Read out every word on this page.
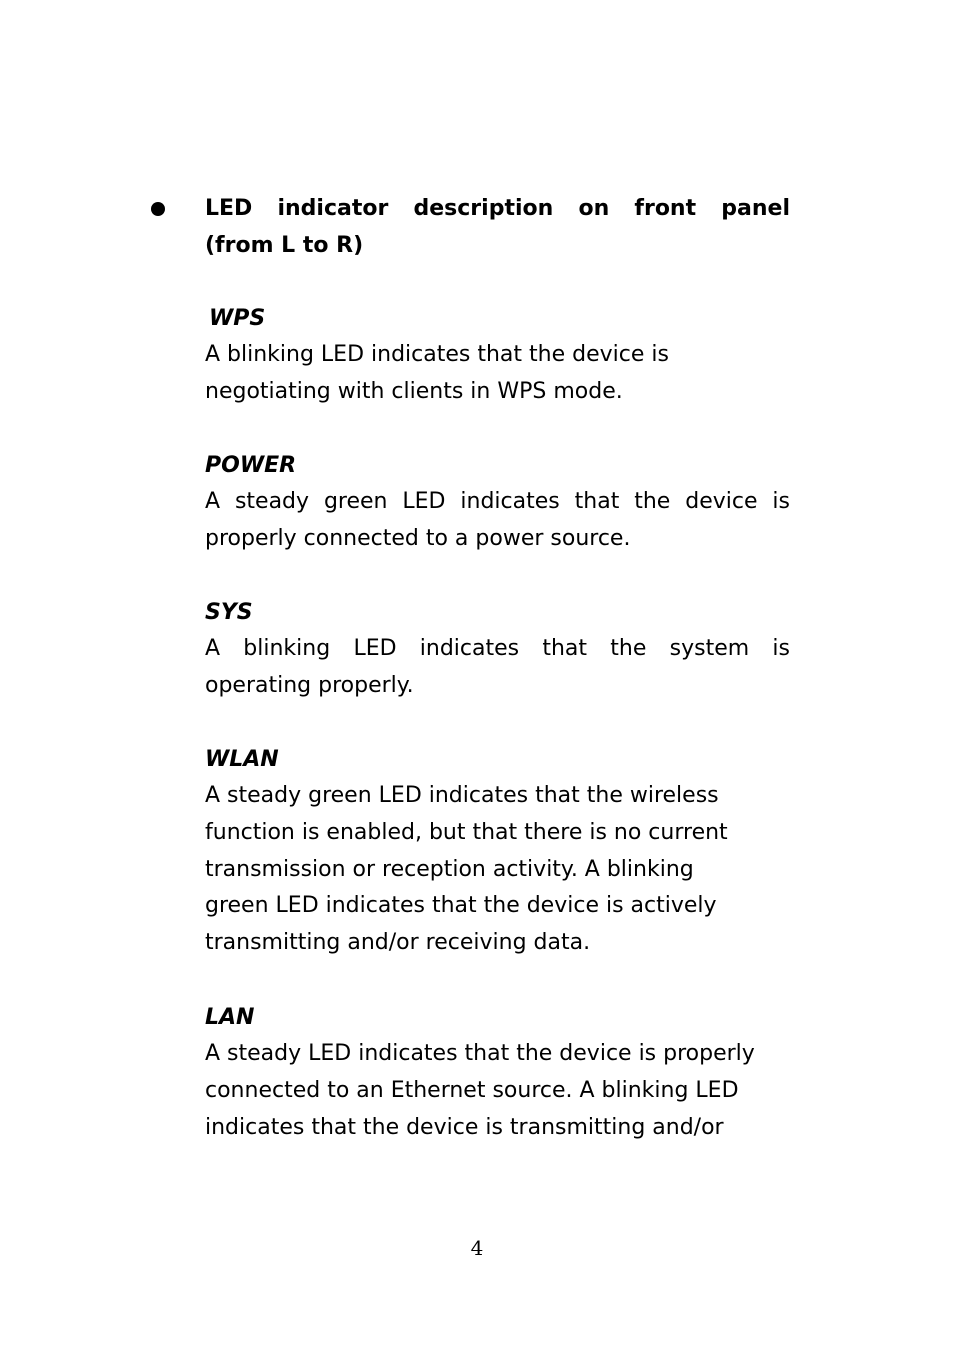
LED indicator description on front panel
(from L to R)

WPS

A blinking LED indicates that the device is
negotiating with clients in WPS mode.

POWER

A steady green LED indicates that the device is
properly connected to a power source.

SYS

A blinking LED indicates that the system is
operating properly.

WLAN

A steady green LED indicates that the wireless
function is enabled, but that there is no current
transmission or reception activity. A blinking
green LED indicates that the device is actively
transmitting and/or receiving data.

LAN

A steady LED indicates that the device is properly
connected to an Ethernet source. A blinking LED
indicates that the device is transmitting and/or

4
